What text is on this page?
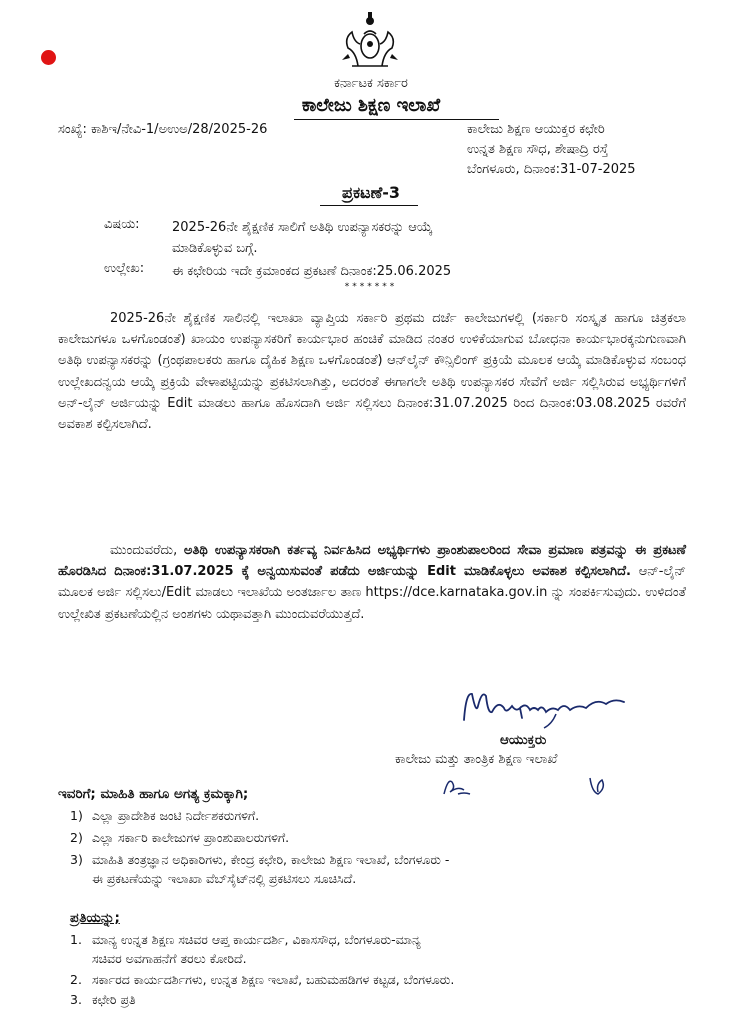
ಕರ್ನಾಟಕ ಸರ್ಕಾರ
ಕಾಲೇಜು ಶಿಕ್ಷಣ ಇಲಾಖೆ
ಸಂಖ್ಯೆ: ಕಾಶಿಇ/ನೇವಿ-1/ಅಉಅ/28/2025-26	ಕಾಲೇಜು ಶಿಕ್ಷಣ ಆಯುಕ್ತರ ಕಛೇರಿ
ಉನ್ನತ ಶಿಕ್ಷಣ ಸೌಧ, ಶೇಷಾದ್ರಿ ರಸ್ತೆ
ಬೆಂಗಳೂರು, ದಿನಾಂಕ:31-07-2025
ಪ್ರಕಟಣೆ-3
ವಿಷಯ: 2025-26ನೇ ಶೈಕ್ಷಣಿಕ ಸಾಲಿಗೆ ಅತಿಥಿ ಉಪನ್ಯಾಸಕರನ್ನು ಆಯ್ಕೆ
ಮಾಡಿಕೊಳ್ಳುವ ಬಗ್ಗೆ.
ಉಲ್ಲೇಖ: ಈ ಕಛೇರಿಯ ಇದೇ ಕ್ರಮಾಂಕದ ಪ್ರಕಟಣೆ ದಿನಾಂಕ:25.06.2025
*******
2025-26ನೇ ಶೈಕ್ಷಣಿಕ ಸಾಲಿನಲ್ಲಿ ಇಲಾಖಾ ವ್ಯಾಪ್ತಿಯ ಸರ್ಕಾರಿ ಪ್ರಥಮ ದರ್ಜೆ ಕಾಲೇಜುಗಳಲ್ಲಿ (ಸರ್ಕಾರಿ ಸಂಸ್ಕೃತ ಹಾಗೂ ಚಿತ್ರಕಲಾ ಕಾಲೇಜುಗಳೂ ಒಳಗೊಂಡಂತೆ) ಖಾಯಂ ಉಪನ್ಯಾಸಕರಿಗೆ ಕಾರ್ಯಭಾರ ಹಂಚಿಕೆ ಮಾಡಿದ ನಂತರ ಉಳಿಕೆಯಾಗುವ ಬೋಧನಾ ಕಾರ್ಯಭಾರಕ್ಕನುಗುಣವಾಗಿ ಅತಿಥಿ ಉಪನ್ಯಾಸಕರನ್ನು (ಗ್ರಂಥಪಾಲಕರು ಹಾಗೂ ದೈಹಿಕ ಶಿಕ್ಷಣ ಒಳಗೊಂಡಂತೆ) ಆನ್‌ಲೈನ್ ಕೌನ್ಸಿಲಿಂಗ್ ಪ್ರಕ್ರಿಯೆ ಮೂಲಕ ಆಯ್ಕೆ ಮಾಡಿಕೊಳ್ಳುವ ಸಂಬಂಧ ಉಲ್ಲೇಖದನ್ವಯ ಆಯ್ಕೆ ಪ್ರಕ್ರಿಯೆ ವೇಳಾಪಟ್ಟಿಯನ್ನು ಪ್ರಕಟಿಸಲಾಗಿತ್ತು, ಅದರಂತೆ ಈಗಾಗಲೇ ಅತಿಥಿ ಉಪನ್ಯಾಸಕರ ಸೇವೆಗೆ ಅರ್ಜಿ ಸಲ್ಲಿಸಿರುವ ಅಭ್ಯರ್ಥಿಗಳಿಗೆ ಅನ್-ಲೈನ್ ಅರ್ಜಿಯನ್ನು Edit ಮಾಡಲು ಹಾಗೂ ಹೊಸದಾಗಿ ಅರ್ಜಿ ಸಲ್ಲಿಸಲು ದಿನಾಂಕ:31.07.2025 ರಿಂದ ದಿನಾಂಕ:03.08.2025 ರವರೆಗೆ ಅವಕಾಶ ಕಲ್ಪಿಸಲಾಗಿದೆ.
ಮುಂದುವರೆದು, ಅತಿಥಿ ಉಪನ್ಯಾಸಕರಾಗಿ ಕರ್ತವ್ಯ ನಿರ್ವಹಿಸಿದ ಅಭ್ಯರ್ಥಿಗಳು ಪ್ರಾಂಶುಪಾಲರಿಂದ ಸೇವಾ ಪ್ರಮಾಣ ಪತ್ರವನ್ನು ಈ ಪ್ರಕಟಣೆ ಹೊರಡಿಸಿದ ದಿನಾಂಕ:31.07.2025 ಕ್ಕೆ ಅನ್ವಯಿಸುವಂತೆ ಪಡೆದು ಅರ್ಜಿಯನ್ನು Edit ಮಾಡಿಕೊಳ್ಳಲು ಅವಕಾಶ ಕಲ್ಪಿಸಲಾಗಿದೆ. ಆನ್-ಲೈನ್ ಮೂಲಕ ಅರ್ಜಿ ಸಲ್ಲಿಸಲು/Edit ಮಾಡಲು ಇಲಾಖೆಯ ಅಂತರ್ಜಾಲ ತಾಣ https://dce.karnataka.gov.in ನ್ನು ಸಂಪರ್ಕಿಸುವುದು. ಉಳಿದಂತೆ ಉಲ್ಲೇಖಿತ ಪ್ರಕಟಣೆಯಲ್ಲಿನ ಅಂಶಗಳು ಯಥಾವತ್ತಾಗಿ ಮುಂದುವರೆಯುತ್ತದೆ.
ಆಯುಕ್ತರು
ಕಾಲೇಜು ಮತ್ತು ತಾಂತ್ರಿಕ ಶಿಕ್ಷಣ ಇಲಾಖೆ
ಇವರಿಗೆ; ಮಾಹಿತಿ ಹಾಗೂ ಅಗತ್ಯ ಕ್ರಮಕ್ಕಾಗಿ;
1) ಎಲ್ಲಾ ಪ್ರಾದೇಶಿಕ ಜಂಟಿ ನಿರ್ದೇಶಕರುಗಳಿಗೆ.
2) ಎಲ್ಲಾ ಸರ್ಕಾರಿ ಕಾಲೇಜುಗಳ ಪ್ರಾಂಶುಪಾಲರುಗಳಿಗೆ.
3) ಮಾಹಿತಿ ತಂತ್ರಜ್ಞಾನ ಅಧಿಕಾರಿಗಳು, ಕೇಂದ್ರ ಕಛೇರಿ, ಕಾಲೇಜು ಶಿಕ್ಷಣ ಇಲಾಖೆ, ಬೆಂಗಳೂರು -
ಈ ಪ್ರಕಟಣೆಯನ್ನು ಇಲಾಖಾ ವೆಬ್‌ಸೈಟ್‌ನಲ್ಲಿ ಪ್ರಕಟಿಸಲು ಸೂಚಿಸಿದೆ.
ಪ್ರತಿಯನ್ನು;
1. ಮಾನ್ಯ ಉನ್ನತ ಶಿಕ್ಷಣ ಸಚಿವರ ಆಪ್ತ ಕಾರ್ಯದರ್ಶಿ, ವಿಕಾಸಸೌಧ, ಬೆಂಗಳೂರು-ಮಾನ್ಯ
ಸಚಿವರ ಅವಗಾಹನೆಗೆ ತರಲು ಕೋರಿದೆ.
2. ಸರ್ಕಾರದ ಕಾರ್ಯದರ್ಶಿಗಳು, ಉನ್ನತ ಶಿಕ್ಷಣ ಇಲಾಖೆ, ಬಹುಮಹಡಿಗಳ ಕಟ್ಟಡ, ಬೆಂಗಳೂರು.
3. ಕಛೇರಿ ಪ್ರತಿ
